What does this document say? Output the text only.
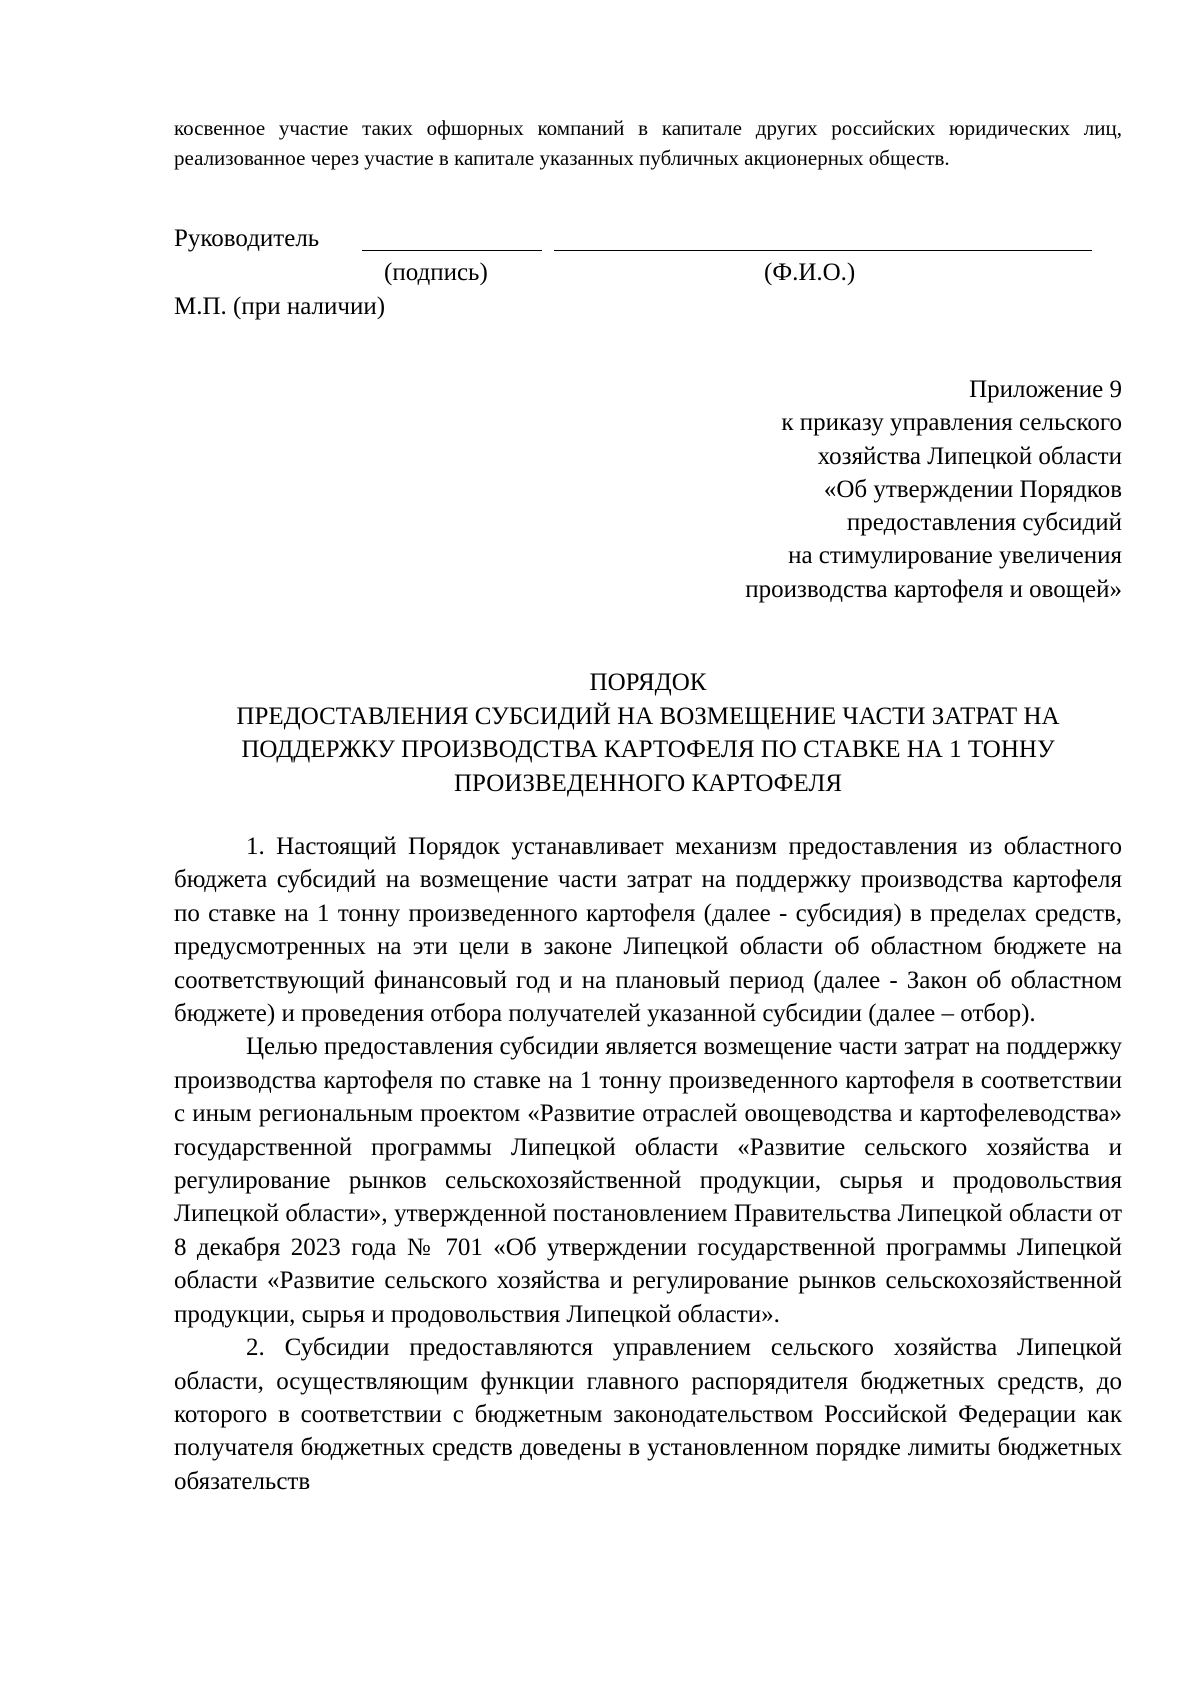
косвенное участие таких офшорных компаний в капитале других российских юридических лиц, реализованное через участие в капитале указанных публичных акционерных обществ.
Руководитель
(подпись)	(Ф.И.О.)
М.П. (при наличии)
Приложение 9
к приказу управления сельского
хозяйства Липецкой области
«Об утверждении Порядков
предоставления субсидий
на стимулирование увеличения
производства картофеля и овощей»
ПОРЯДОК
ПРЕДОСТАВЛЕНИЯ СУБСИДИЙ НА ВОЗМЕЩЕНИЕ ЧАСТИ ЗАТРАТ НА
ПОДДЕРЖКУ ПРОИЗВОДСТВА КАРТОФЕЛЯ ПО СТАВКЕ НА 1 ТОННУ
ПРОИЗВЕДЕННОГО КАРТОФЕЛЯ

1. Настоящий Порядок устанавливает механизм предоставления из областного бюджета субсидий на возмещение части затрат на поддержку производства картофеля по ставке на 1 тонну произведенного картофеля (далее - субсидия) в пределах средств, предусмотренных на эти цели в законе Липецкой области об областном бюджете на соответствующий финансовый год и на плановый период (далее - Закон об областном бюджете) и проведения отбора получателей указанной субсидии (далее – отбор).

Целью предоставления субсидии является возмещение части затрат на поддержку производства картофеля по ставке на 1 тонну произведенного картофеля в соответствии с иным региональным проектом «Развитие отраслей овощеводства и картофелеводства» государственной программы Липецкой области «Развитие сельского хозяйства и регулирование рынков сельскохозяйственной продукции, сырья и продовольствия Липецкой области», утвержденной постановлением Правительства Липецкой области от 8 декабря 2023 года № 701 «Об утверждении государственной программы Липецкой области «Развитие сельского хозяйства и регулирование рынков сельскохозяйственной продукции, сырья и продовольствия Липецкой области».

2. Субсидии предоставляются управлением сельского хозяйства Липецкой области, осуществляющим функции главного распорядителя бюджетных средств, до которого в соответствии с бюджетным законодательством Российской Федерации как получателя бюджетных средств доведены в установленном порядке лимиты бюджетных обязательств
